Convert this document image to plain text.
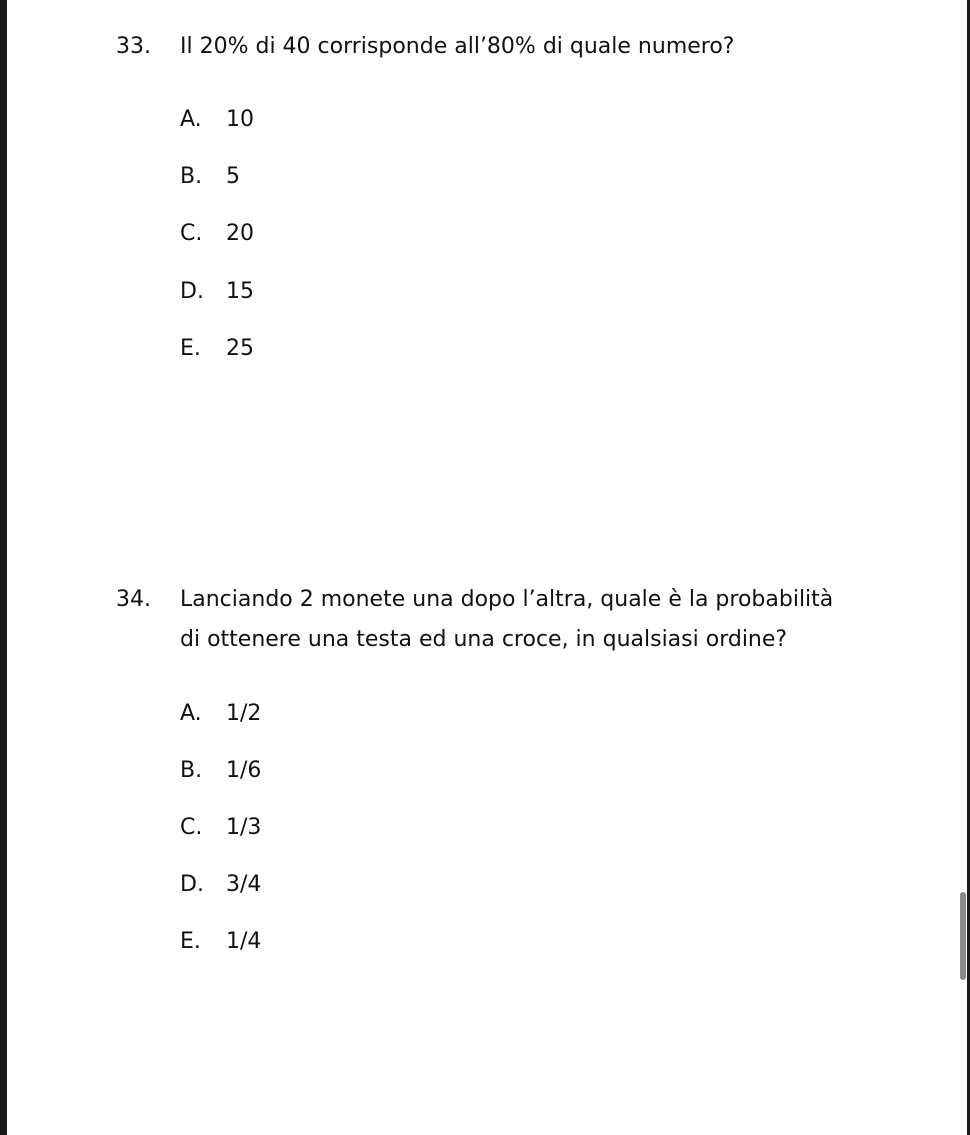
33. Il 20% di 40 corrisponde all’80% di quale numero?
A. 10
B. 5
C. 20
D. 15
E. 25
34. Lanciando 2 monete una dopo l’altra, quale è la probabilità
di ottenere una testa ed una croce, in qualsiasi ordine?
A. 1/2
B. 1/6
C. 1/3
D. 3/4
E. 1/4
